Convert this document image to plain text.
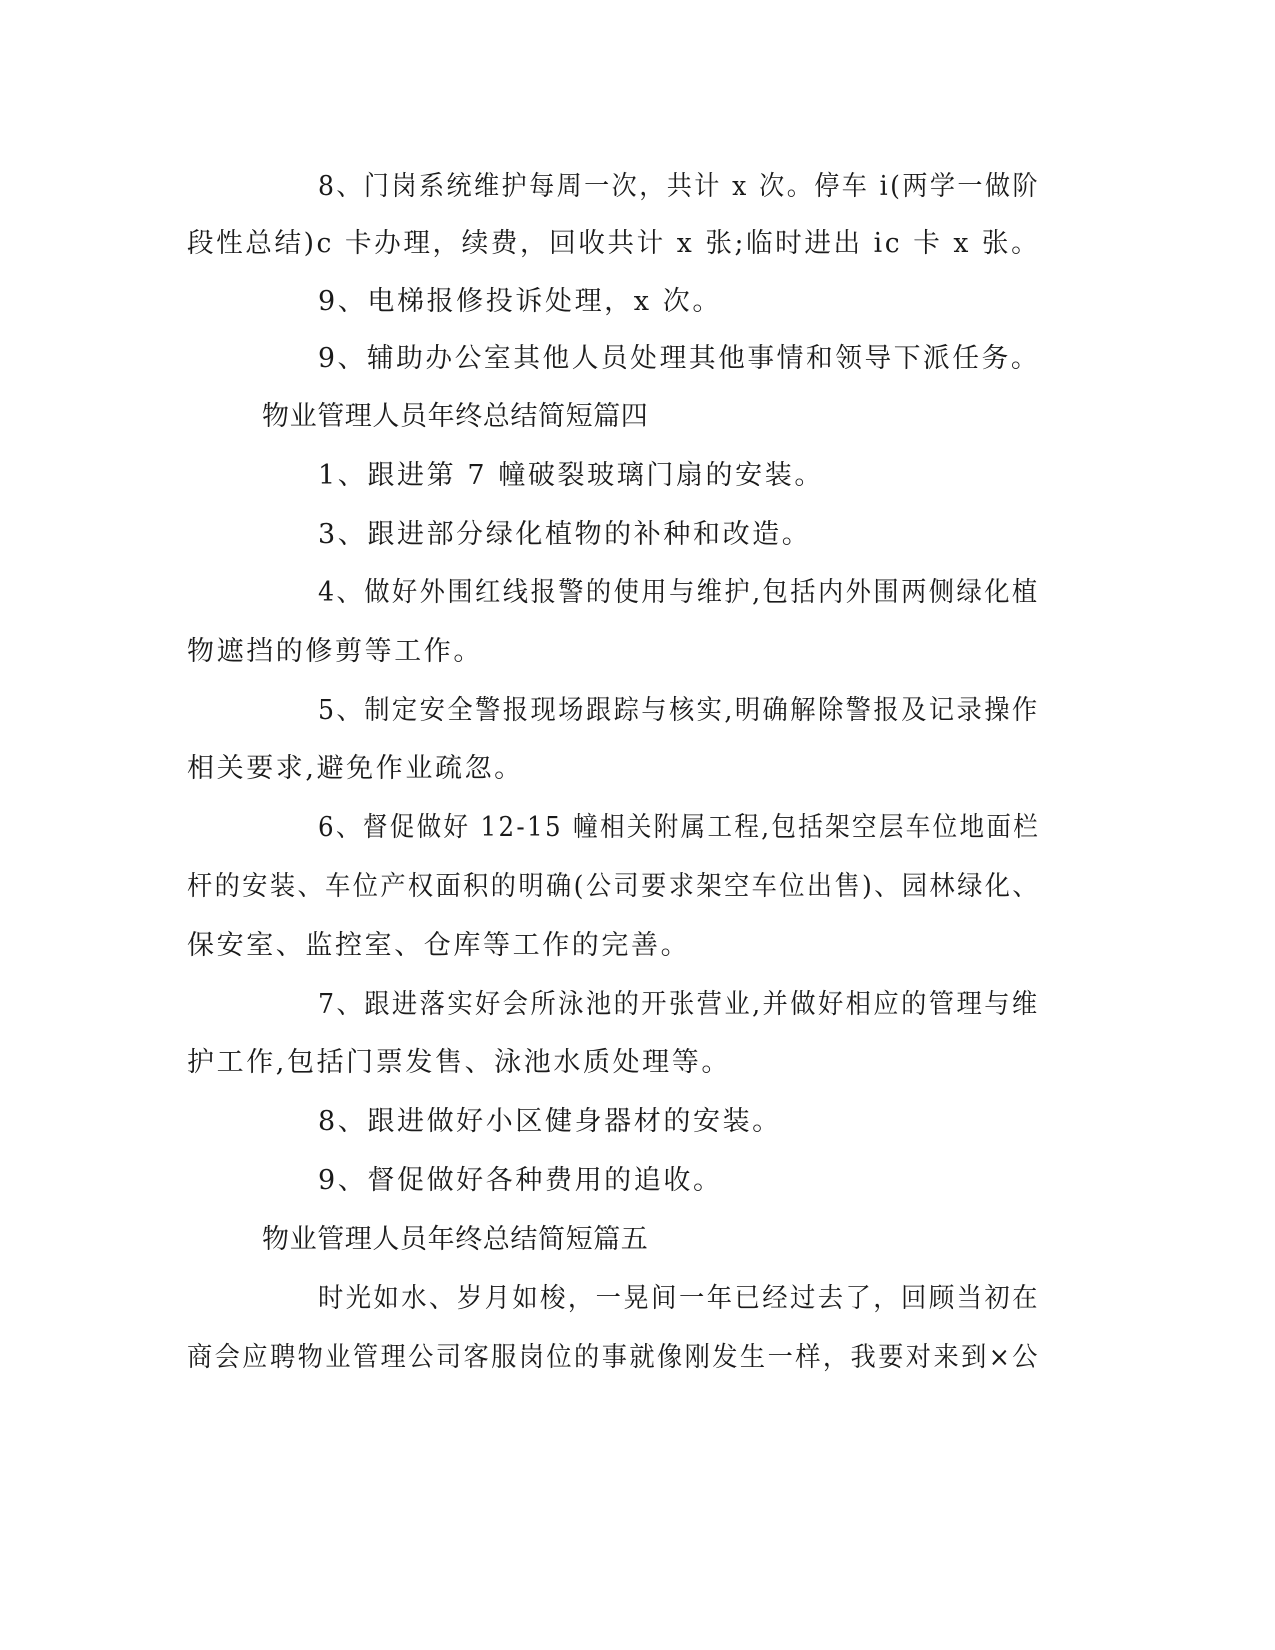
8、门岗系统维护每周一次，共计 x 次。停车 i(两学一做阶
段性总结)c 卡办理，续费，回收共计 x 张;临时进出 ic 卡 x 张。
9、电梯报修投诉处理，x 次。
9、辅助办公室其他人员处理其他事情和领导下派任务。
物业管理人员年终总结简短篇四
1、跟进第 7 幢破裂玻璃门扇的安装。
3、跟进部分绿化植物的补种和改造。
4、做好外围红线报警的使用与维护,包括内外围两侧绿化植
物遮挡的修剪等工作。
5、制定安全警报现场跟踪与核实,明确解除警报及记录操作
相关要求,避免作业疏忽。
6、督促做好 12-15 幢相关附属工程,包括架空层车位地面栏
杆的安装、车位产权面积的明确(公司要求架空车位出售)、园林绿化、
保安室、监控室、仓库等工作的完善。
7、跟进落实好会所泳池的开张营业,并做好相应的管理与维
护工作,包括门票发售、泳池水质处理等。
8、跟进做好小区健身器材的安装。
9、督促做好各种费用的追收。
物业管理人员年终总结简短篇五
时光如水、岁月如梭，一晃间一年已经过去了，回顾当初在
商会应聘物业管理公司客服岗位的事就像刚发生一样，我要对来到×公
